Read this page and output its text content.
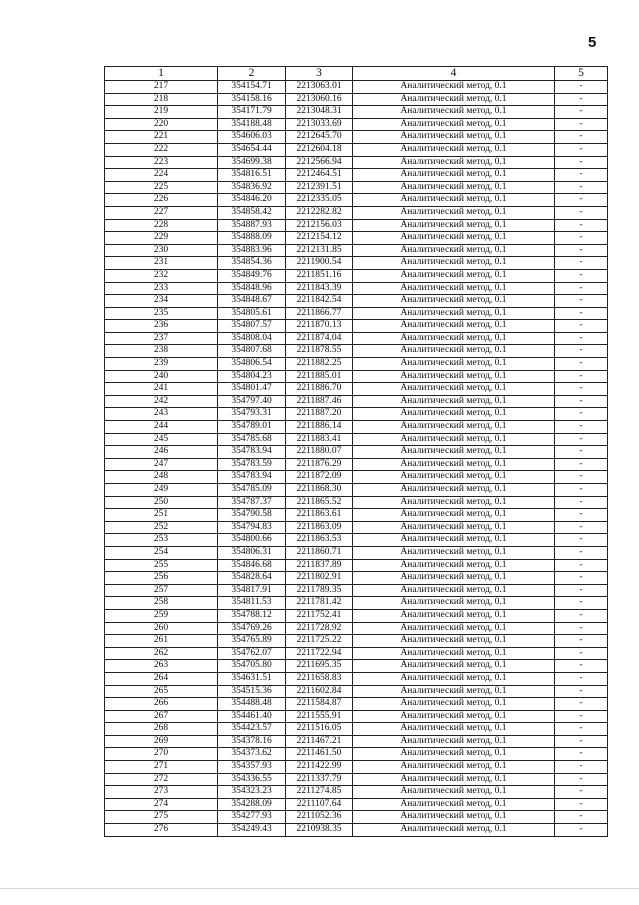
5
1	2	3	4	5
217	354154.71	2213063.01	Аналитический метод, 0.1	-
218	354158.16	2213060.16	Аналитический метод, 0.1	-
219	354171.79	2213048.31	Аналитический метод, 0.1	-
220	354188.48	2213033.69	Аналитический метод, 0.1	-
221	354606.03	2212645.70	Аналитический метод, 0.1	-
222	354654.44	2212604.18	Аналитический метод, 0.1	-
223	354699.38	2212566.94	Аналитический метод, 0.1	-
224	354816.51	2212464.51	Аналитический метод, 0.1	-
225	354836.92	2212391.51	Аналитический метод, 0.1	-
226	354846.20	2212335.05	Аналитический метод, 0.1	-
227	354858.42	2212282.82	Аналитический метод, 0.1	-
228	354887.93	2212156.03	Аналитический метод, 0.1	-
229	354888.09	2212154.12	Аналитический метод, 0.1	-
230	354883.96	2212131.85	Аналитический метод, 0.1	-
231	354854.36	2211900.54	Аналитический метод, 0.1	-
232	354849.76	2211851.16	Аналитический метод, 0.1	-
233	354848.96	2211843.39	Аналитический метод, 0.1	-
234	354848.67	2211842.54	Аналитический метод, 0.1	-
235	354805.61	2211866.77	Аналитический метод, 0.1	-
236	354807.57	2211870.13	Аналитический метод, 0.1	-
237	354808.04	2211874.04	Аналитический метод, 0.1	-
238	354807.68	2211878.55	Аналитический метод, 0.1	-
239	354806.54	2211882.25	Аналитический метод, 0.1	-
240	354804.23	2211885.01	Аналитический метод, 0.1	-
241	354801.47	2211886.70	Аналитический метод, 0.1	-
242	354797.40	2211887.46	Аналитический метод, 0.1	-
243	354793.31	2211887.20	Аналитический метод, 0.1	-
244	354789.01	2211886.14	Аналитический метод, 0.1	-
245	354785.68	2211883.41	Аналитический метод, 0.1	-
246	354783.94	2211880.07	Аналитический метод, 0.1	-
247	354783.59	2211876.29	Аналитический метод, 0.1	-
248	354783.94	2211872.09	Аналитический метод, 0.1	-
249	354785.09	2211868.30	Аналитический метод, 0.1	-
250	354787.37	2211865.52	Аналитический метод, 0.1	-
251	354790.58	2211863.61	Аналитический метод, 0.1	-
252	354794.83	2211863.09	Аналитический метод, 0.1	-
253	354800.66	2211863.53	Аналитический метод, 0.1	-
254	354806.31	2211860.71	Аналитический метод, 0.1	-
255	354846.68	2211837.89	Аналитический метод, 0.1	-
256	354828.64	2211802.91	Аналитический метод, 0.1	-
257	354817.91	2211789.35	Аналитический метод, 0.1	-
258	354811.53	2211781.42	Аналитический метод, 0.1	-
259	354788.12	2211752.41	Аналитический метод, 0.1	-
260	354769.26	2211728.92	Аналитический метод, 0.1	-
261	354765.89	2211725.22	Аналитический метод, 0.1	-
262	354762.07	2211722.94	Аналитический метод, 0.1	-
263	354705.80	2211695.35	Аналитический метод, 0.1	-
264	354631.51	2211658.83	Аналитический метод, 0.1	-
265	354515.36	2211602.84	Аналитический метод, 0.1	-
266	354488.48	2211584.87	Аналитический метод, 0.1	-
267	354461.40	2211555.91	Аналитический метод, 0.1	-
268	354423.57	2211516.05	Аналитический метод, 0.1	-
269	354378.16	2211467.21	Аналитический метод, 0.1	-
270	354373.62	2211461.50	Аналитический метод, 0.1	-
271	354357.93	2211422.99	Аналитический метод, 0.1	-
272	354336.55	2211337.79	Аналитический метод, 0.1	-
273	354323.23	2211274.85	Аналитический метод, 0.1	-
274	354288.09	2211107.64	Аналитический метод, 0.1	-
275	354277.93	2211052.36	Аналитический метод, 0.1	-
276	354249.43	2210938.35	Аналитический метод, 0.1	-
